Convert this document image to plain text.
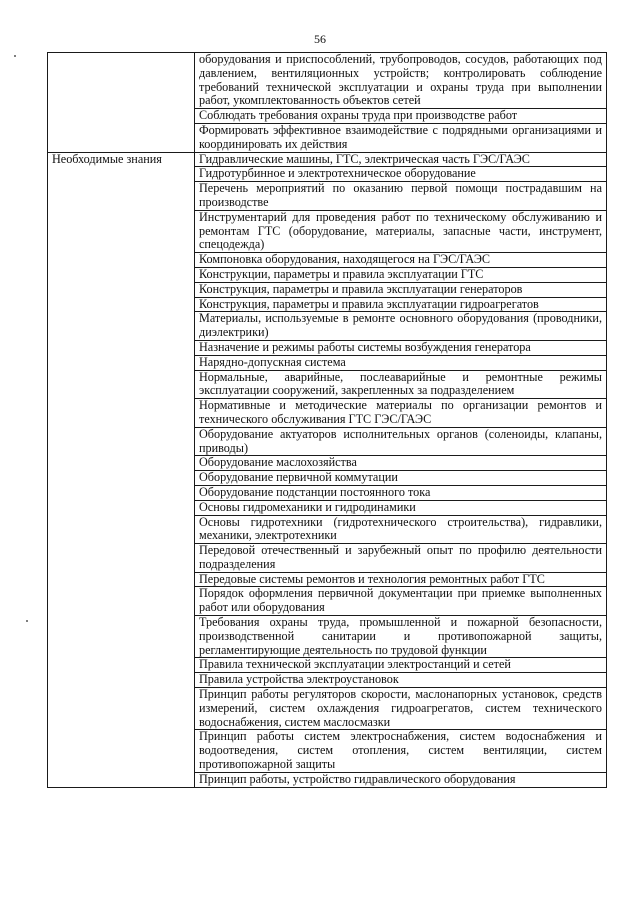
56
	оборудования и приспособлений, трубопроводов, сосудов, работающих под давлением, вентиляционных устройств; контролировать соблюдение требований технической эксплуатации и охраны труда при выполнении работ, укомплектованность объектов сетей
	Соблюдать требования охраны труда при производстве работ
	Формировать эффективное взаимодействие с подрядными организациями и координировать их действия
Необходимые знания	Гидравлические машины, ГТС, электрическая часть ГЭС/ГАЭС
	Гидротурбинное и электротехническое оборудование
	Перечень мероприятий по оказанию первой помощи пострадавшим на производстве
	Инструментарий для проведения работ по техническому обслуживанию и ремонтам ГТС (оборудование, материалы, запасные части, инструмент, спецодежда)
	Компоновка оборудования, находящегося на ГЭС/ГАЭС
	Конструкции, параметры и правила эксплуатации ГТС
	Конструкция, параметры и правила эксплуатации генераторов
	Конструкция, параметры и правила эксплуатации гидроагрегатов
	Материалы, используемые в ремонте основного оборудования (проводники, диэлектрики)
	Назначение и режимы работы системы возбуждения генератора
	Нарядно-допускная система
	Нормальные, аварийные, послеаварийные и ремонтные режимы эксплуатации сооружений, закрепленных за подразделением
	Нормативные и методические материалы по организации ремонтов и технического обслуживания ГТС ГЭС/ГАЭС
	Оборудование актуаторов исполнительных органов (соленоиды, клапаны, приводы)
	Оборудование маслохозяйства
	Оборудование первичной коммутации
	Оборудование подстанции постоянного тока
	Основы гидромеханики и гидродинамики
	Основы гидротехники (гидротехнического строительства), гидравлики, механики, электротехники
	Передовой отечественный и зарубежный опыт по профилю деятельности подразделения
	Передовые системы ремонтов и технология ремонтных работ ГТС
	Порядок оформления первичной документации при приемке выполненных работ или оборудования
	Требования охраны труда, промышленной и пожарной безопасности, производственной санитарии и противопожарной защиты, регламентирующие деятельность по трудовой функции
	Правила технической эксплуатации электростанций и сетей
	Правила устройства электроустановок
	Принцип работы регуляторов скорости, маслонапорных установок, средств измерений, систем охлаждения гидроагрегатов, систем технического водоснабжения, систем маслосмазки
	Принцип работы систем электроснабжения, систем водоснабжения и водоотведения, систем отопления, систем вентиляции, систем противопожарной защиты
	Принцип работы, устройство гидравлического оборудования
